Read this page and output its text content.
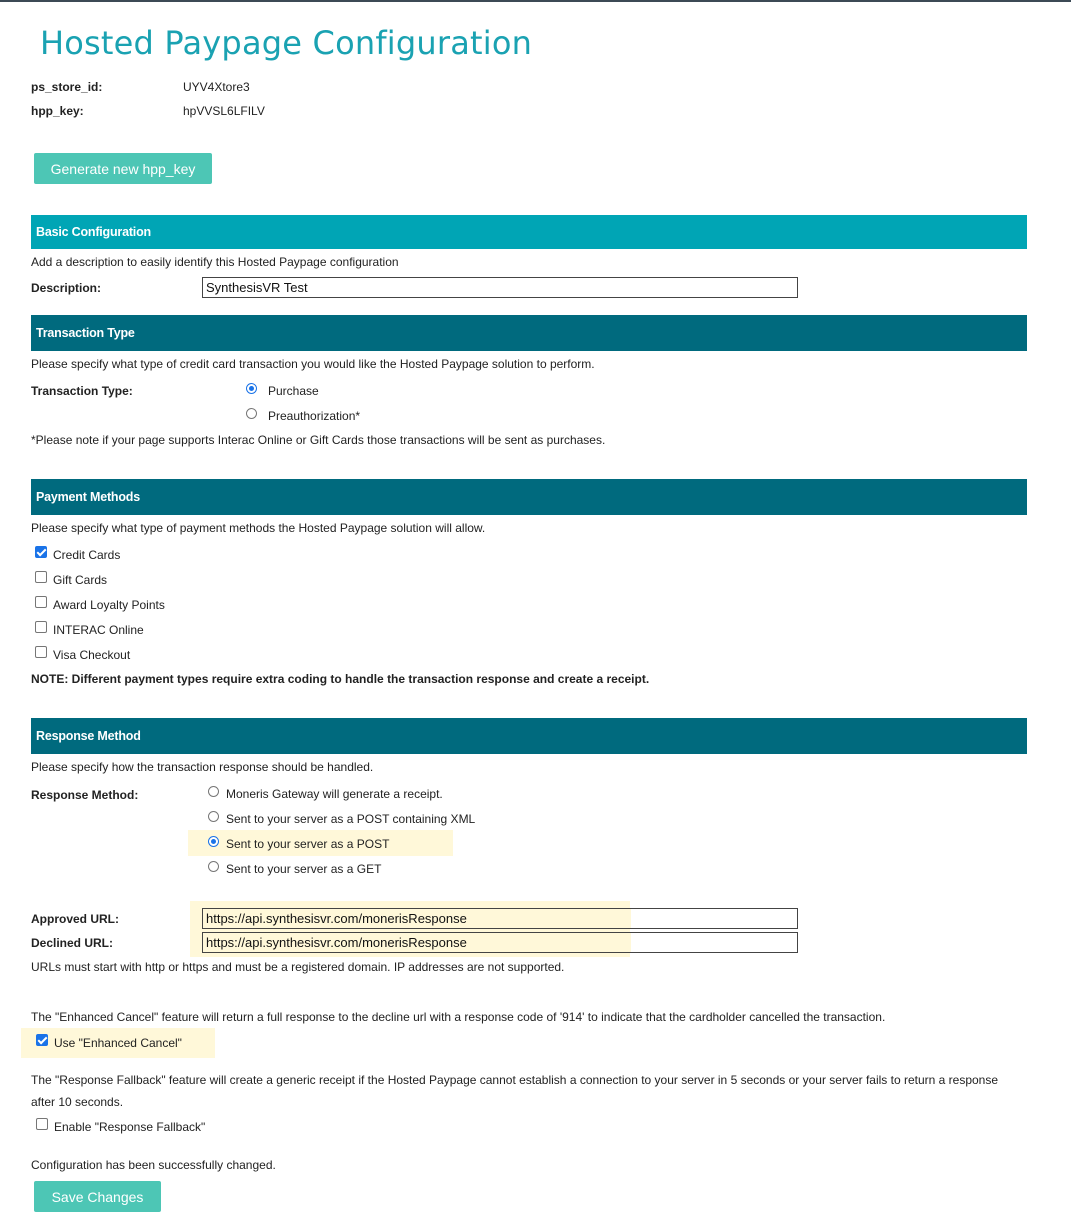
Hosted Paypage Configuration
ps_store_id:	UYV4Xtore3
hpp_key:	hpVVSL6LFILV
Generate new hpp_key
Basic Configuration
Add a description to easily identify this Hosted Paypage configuration
Description:
SynthesisVR Test
Transaction Type
Please specify what type of credit card transaction you would like the Hosted Paypage solution to perform.
Transaction Type:	Purchase
Preauthorization*
*Please note if your page supports Interac Online or Gift Cards those transactions will be sent as purchases.
Payment Methods
Please specify what type of payment methods the Hosted Paypage solution will allow.
Credit Cards
Gift Cards
Award Loyalty Points
INTERAC Online
Visa Checkout
NOTE: Different payment types require extra coding to handle the transaction response and create a receipt.
Response Method
Please specify how the transaction response should be handled.
Response Method:	Moneris Gateway will generate a receipt.
Sent to your server as a POST containing XML
Sent to your server as a POST
Sent to your server as a GET
Approved URL:
https://api.synthesisvr.com/monerisResponse
Declined URL:
https://api.synthesisvr.com/monerisResponse
URLs must start with http or https and must be a registered domain. IP addresses are not supported.
The "Enhanced Cancel" feature will return a full response to the decline url with a response code of '914' to indicate that the cardholder cancelled the transaction.
Use "Enhanced Cancel"
The "Response Fallback" feature will create a generic receipt if the Hosted Paypage cannot establish a connection to your server in 5 seconds or your server fails to return a response
after 10 seconds.
Enable "Response Fallback"
Configuration has been successfully changed.
Save Changes
